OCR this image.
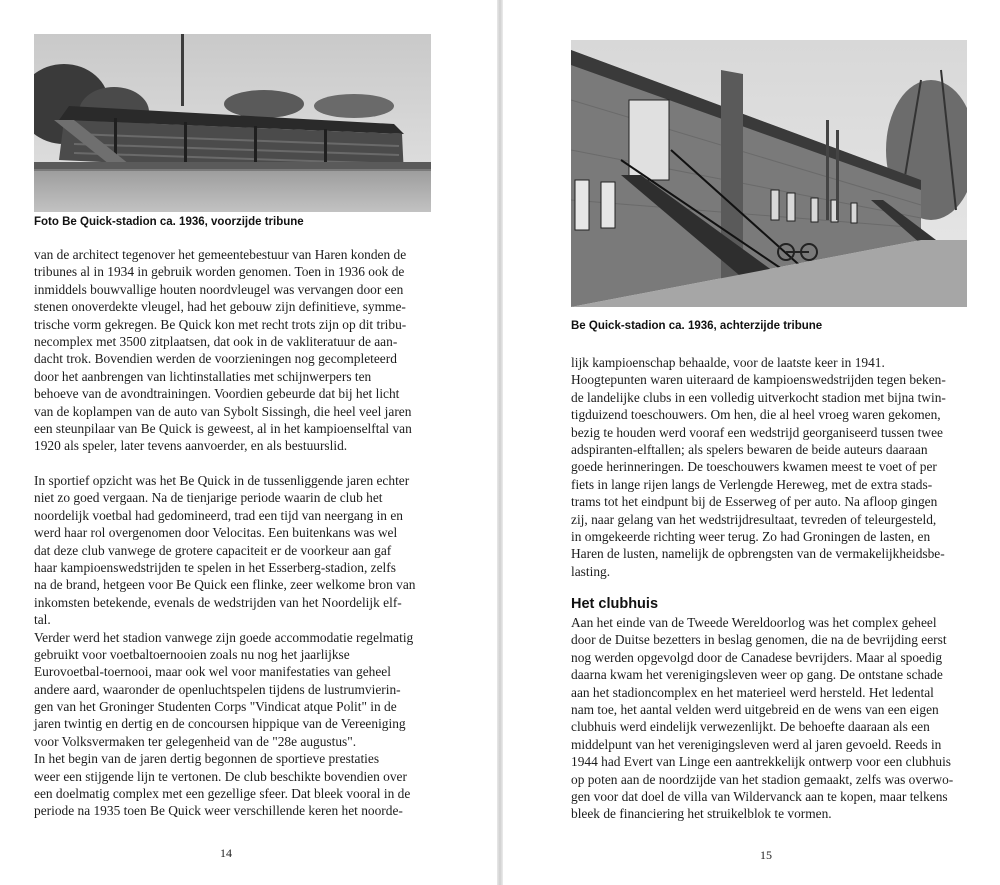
Foto Be Quick-stadion ca. 1936, voorzijde tribune
van de architect tegenover het gemeentebestuur van Haren konden de
tribunes al in 1934 in gebruik worden genomen. Toen in 1936 ook de
inmiddels bouwvallige houten noordvleugel was vervangen door een
stenen onoverdekte vleugel, had het gebouw zijn definitieve, symme-
trische vorm gekregen. Be Quick kon met recht trots zijn op dit tribu-
necomplex met 3500 zitplaatsen, dat ook in de vakliteratuur de aan-
dacht trok. Bovendien werden de voorzieningen nog gecompleteerd
door het aanbrengen van lichtinstallaties met schijnwerpers ten
behoeve van de avondtrainingen. Voordien gebeurde dat bij het licht
van de koplampen van de auto van Sybolt Sissingh, die heel veel jaren
een steunpilaar van Be Quick is geweest, al in het kampioenselftal van
1920 als speler, later tevens aanvoerder, en als bestuurslid.
In sportief opzicht was het Be Quick in de tussenliggende jaren echter
niet zo goed vergaan. Na de tienjarige periode waarin de club het
noordelijk voetbal had gedomineerd, trad een tijd van neergang in en
werd haar rol overgenomen door Velocitas. Een buitenkans was wel
dat deze club vanwege de grotere capaciteit er de voorkeur aan gaf
haar kampioenswedstrijden te spelen in het Esserberg-stadion, zelfs
na de brand, hetgeen voor Be Quick een flinke, zeer welkome bron van
inkomsten betekende, evenals de wedstrijden van het Noordelijk elf-
tal.
Verder werd het stadion vanwege zijn goede accommodatie regelmatig
gebruikt voor voetbaltoernooien zoals nu nog het jaarlijkse
Eurovoetbal-toernooi, maar ook wel voor manifestaties van geheel
andere aard, waaronder de openluchtspelen tijdens de lustrumvierin-
gen van het Groninger Studenten Corps "Vindicat atque Polit" in de
jaren twintig en dertig en de concoursen hippique van de Vereeniging
voor Volksvermaken ter gelegenheid van de "28e augustus".
In het begin van de jaren dertig begonnen de sportieve prestaties
weer een stijgende lijn te vertonen. De club beschikte bovendien over
een doelmatig complex met een gezellige sfeer. Dat bleek vooral in de
periode na 1935 toen Be Quick weer verschillende keren het noorde-
14
Be Quick-stadion ca. 1936, achterzijde tribune
lijk kampioenschap behaalde, voor de laatste keer in 1941.
Hoogtepunten waren uiteraard de kampioenswedstrijden tegen beken-
de landelijke clubs in een volledig uitverkocht stadion met bijna twin-
tigduizend toeschouwers. Om hen, die al heel vroeg waren gekomen,
bezig te houden werd vooraf een wedstrijd georganiseerd tussen twee
adspiranten-elftallen; als spelers bewaren de beide auteurs daaraan
goede herinneringen. De toeschouwers kwamen meest te voet of per
fiets in lange rijen langs de Verlengde Hereweg, met de extra stads-
trams tot het eindpunt bij de Esserweg of per auto. Na afloop gingen
zij, naar gelang van het wedstrijdresultaat, tevreden of teleurgesteld,
in omgekeerde richting weer terug. Zo had Groningen de lasten, en
Haren de lusten, namelijk de opbrengsten van de vermakelijkheidsbe-
lasting.
Het clubhuis
Aan het einde van de Tweede Wereldoorlog was het complex geheel
door de Duitse bezetters in beslag genomen, die na de bevrijding eerst
nog werden opgevolgd door de Canadese bevrijders. Maar al spoedig
daarna kwam het verenigingsleven weer op gang. De ontstane schade
aan het stadioncomplex en het materieel werd hersteld. Het ledental
nam toe, het aantal velden werd uitgebreid en de wens van een eigen
clubhuis werd eindelijk verwezenlijkt. De behoefte daaraan als een
middelpunt van het verenigingsleven werd al jaren gevoeld. Reeds in
1944 had Evert van Linge een aantrekkelijk ontwerp voor een clubhuis
op poten aan de noordzijde van het stadion gemaakt, zelfs was overwo-
gen voor dat doel de villa van Wildervanck aan te kopen, maar telkens
bleek de financiering het struikelblok te vormen.
15
